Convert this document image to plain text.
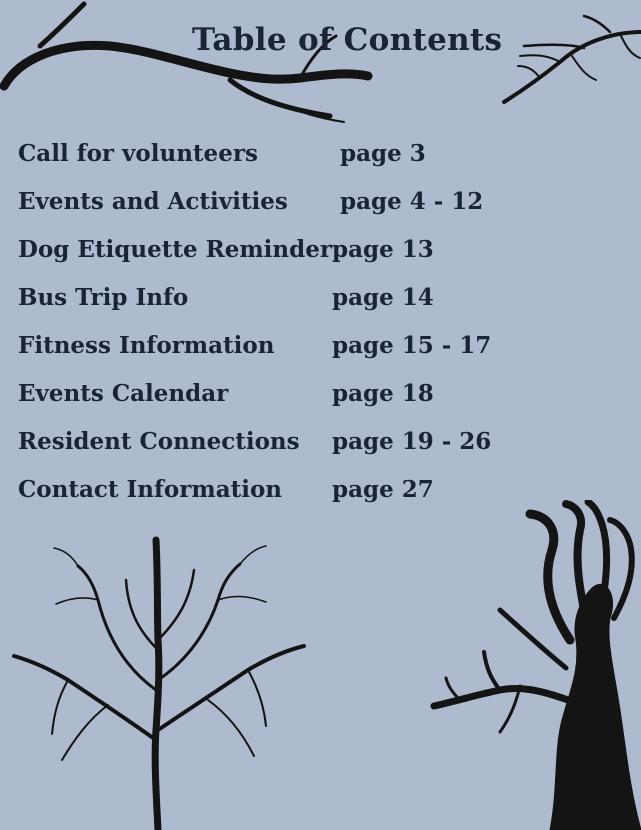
Table of Contents
Call for volunteers	page 3
Events and Activities page 4 - 12
Dog Etiquette Reminder page 13
Bus Trip Info	page 14
Fitness Information	page 15 - 17
Events Calendar	page 18
Resident Connections page 19 - 26
Contact Information page 27
